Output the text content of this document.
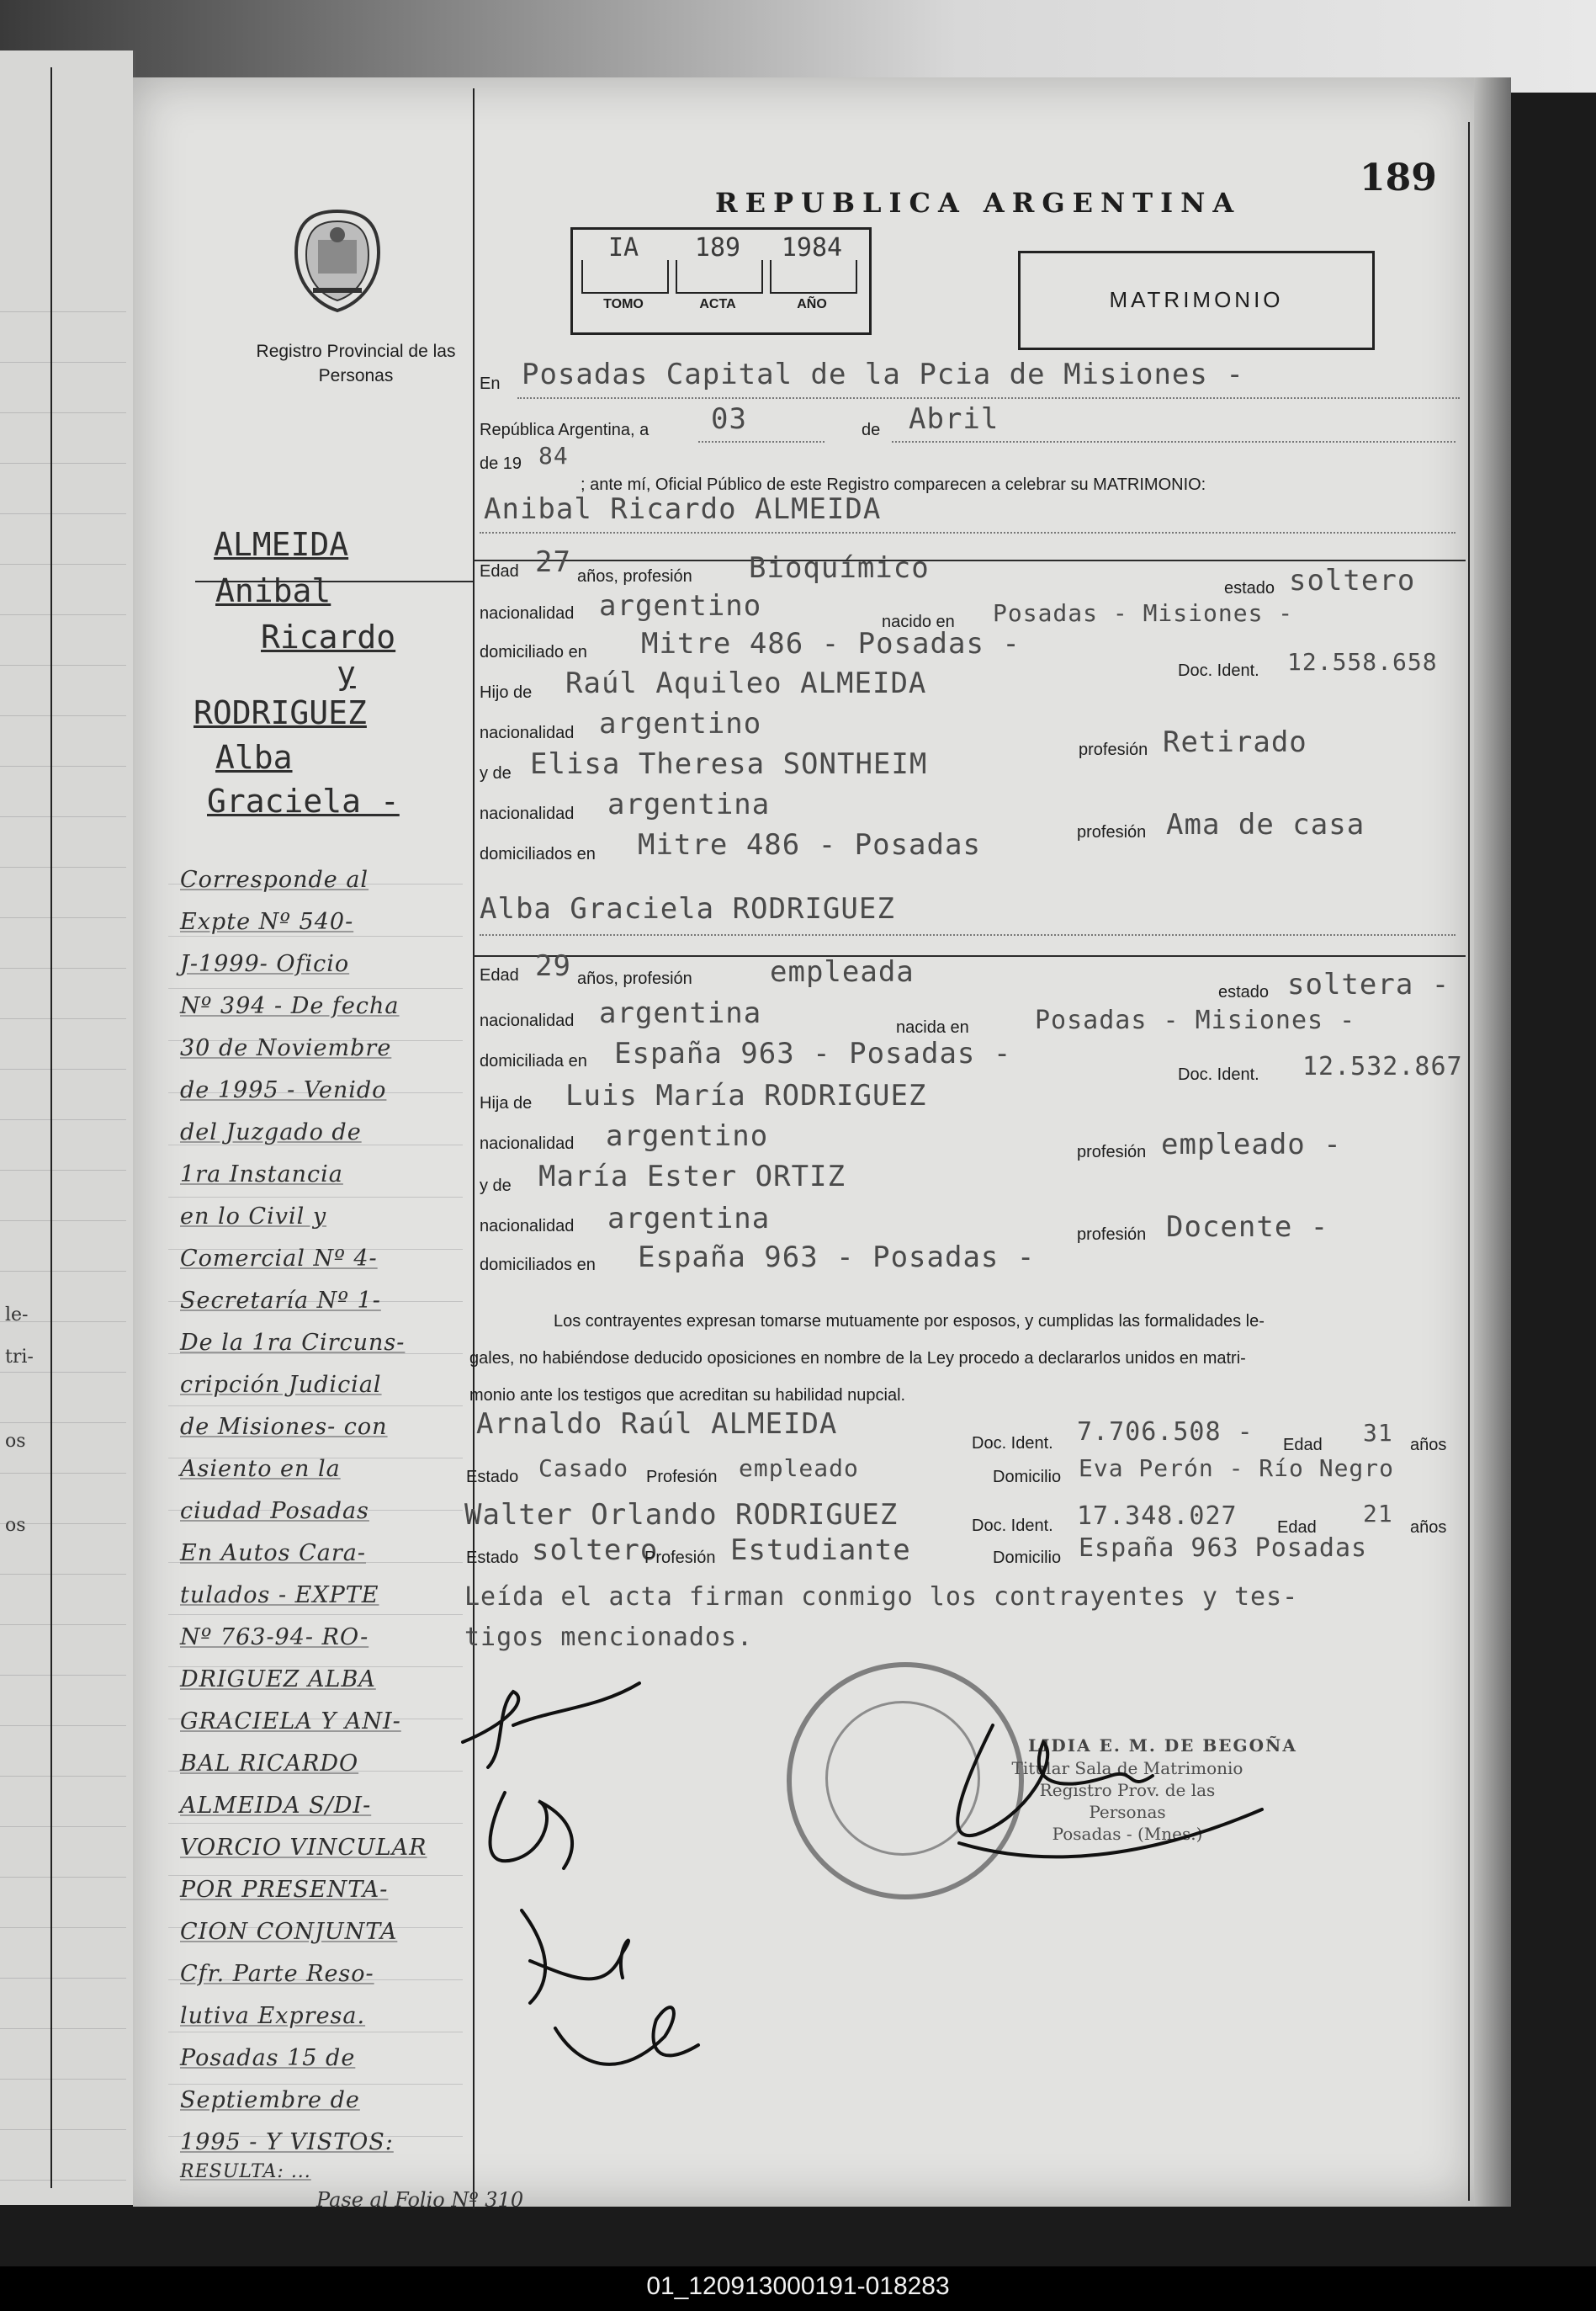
le-
tri-
os
os
Registro Provincial de las Personas
REPUBLICA ARGENTINA
189
IA	189	1984
TOMO	ACTA	AÑO	MATRIMONIO
En Posadas Capital de la Pcia de Misiones -
República Argentina, a 03	de Abril
de 19 84
; ante mí, Oficial Público de este Registro comparecen a celebrar su MATRIMONIO:
Anibal Ricardo ALMEIDA
Edad 27 años, profesión Bioquímico
estado soltero
nacionalidad argentino	nacido en Posadas - Misiones -
domiciliado en Mitre 486 - Posadas -
Doc. Ident. 12.558.658
Hijo de Raúl Aquileo ALMEIDA
nacionalidad argentino
profesión Retirado
y de Elisa Theresa SONTHEIM
nacionalidad argentina
profesión Ama de casa
domiciliados en Mitre 486 - Posadas
Alba Graciela RODRIGUEZ
Edad 29 años, profesión	empleada
estado soltera -
nacionalidad argentina	nacida en	Posadas - Misiones -
domiciliada en España 963 - Posadas -
Doc. Ident. 12.532.867
Hija de Luis María RODRIGUEZ
nacionalidad argentino	profesión empleado -
y de María Ester ORTIZ
nacionalidad argentina	profesión Docente -
domiciliados en España 963 - Posadas -
Los contrayentes expresan tomarse mutuamente por esposos, y cumplidas las formalidades le-
gales, no habiéndose deducido oposiciones en nombre de la Ley procedo a declararlos unidos en matri-
monio ante los testigos que acreditan su habilidad nupcial.
Arnaldo Raúl ALMEIDA
Doc. Ident. 7.706.508 - Edad 31 años
Estado Casado Profesión empleado	Domicilio Eva Perón - Río Negro
Walter Orlando RODRIGUEZ	Doc. Ident. 17.348.027 Edad 21 años
Estado soltero
Profesión Estudiante	Domicilio España 963 Posadas
Leída el acta firman conmigo los contrayentes y tes-
tigos mencionados.
LIDIA E. M. DE BEGOÑA
Titular Sala de Matrimonio
Registro Prov. de las Personas
Posadas - (Mnes.)
ALMEIDA
Anibal
Ricardo
y
RODRIGUEZ
Alba
Graciela -
Corresponde al
Expte Nº 540-
J-1999- Oficio
Nº 394 - De fecha
30 de Noviembre
de 1995 - Venido
del Juzgado de
1ra Instancia
en lo Civil y
Comercial Nº 4-
Secretaría Nº 1-
De la 1ra Circuns-
cripción Judicial
de Misiones- con
Asiento en la
ciudad Posadas
En Autos Cara-
tulados - EXPTE
Nº 763-94- RO-
DRIGUEZ ALBA
GRACIELA Y ANI-
BAL RICARDO
ALMEIDA S/DI-
VORCIO VINCULAR
POR PRESENTA-
CION CONJUNTA
Cfr. Parte Reso-
lutiva Expresa.
Posadas 15 de
Septiembre de
1995 - Y VISTOS:
RESULTA: ...
Pase al Folio Nº 310
01_120913000191-018283
